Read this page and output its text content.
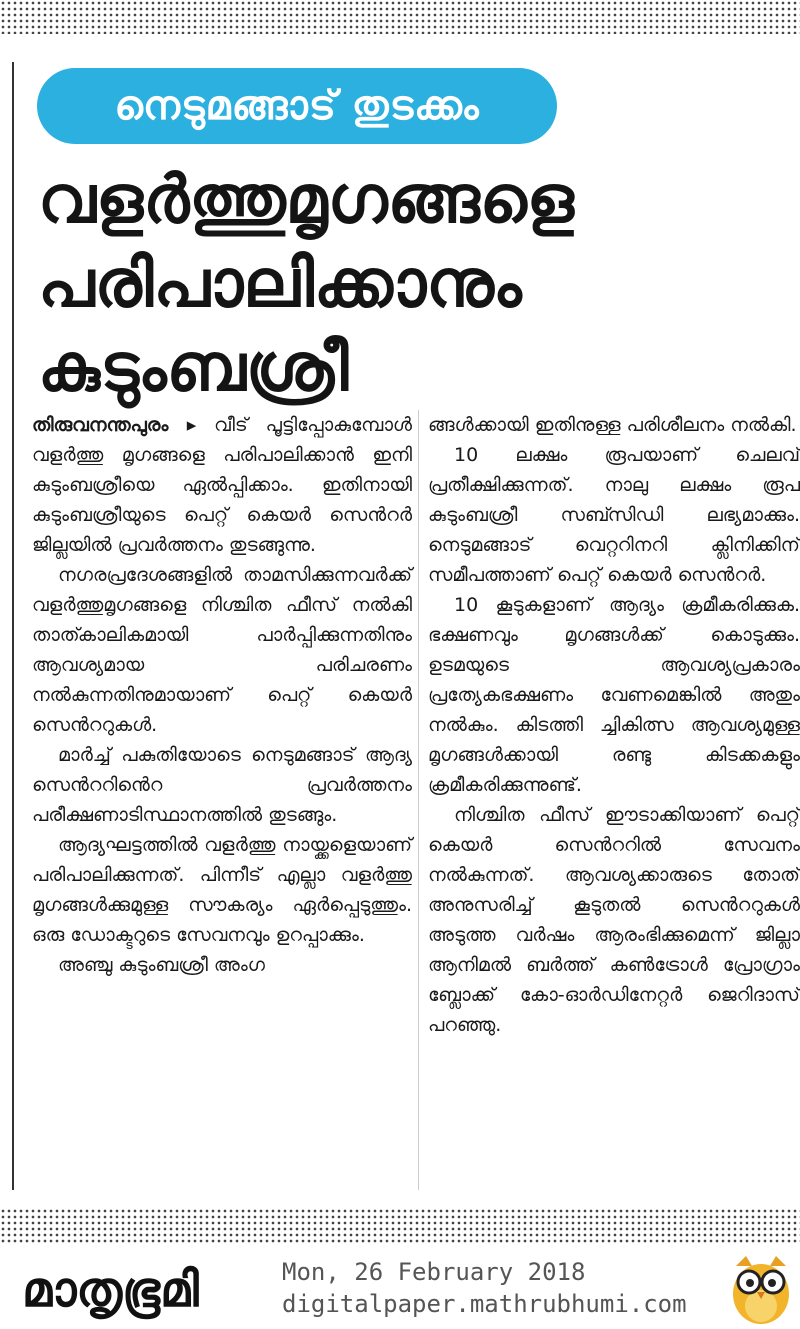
നെടുമങ്ങാട് തുടക്കം
വളർത്തുമൃഗങ്ങളെ
പരിപാലിക്കാനും
കുടുംബശ്രീ

തിരുവനന്തപുരം ▸ വീട് പൂട്ടിപ്പോകുമ്പോൾ വളർത്തു മൃഗങ്ങളെ പരിപാലിക്കാൻ ഇനി കുടുംബശ്രീയെ ഏൽപ്പിക്കാം. ഇതിനായി കുടുംബശ്രീയുടെ പെറ്റ് കെയർ സെൻറർ ജില്ലയിൽ പ്രവർത്തനം തുടങ്ങുന്നു.

നഗരപ്രദേശങ്ങളിൽ താമസിക്കുന്നവർക്ക് വളർത്തുമൃഗങ്ങളെ നിശ്ചിത ഫീസ് നൽകി താത്കാലികമായി പാർപ്പിക്കുന്നതിനും ആവശ്യമായ പരിചരണം നൽകുന്നതിനുമായാണ് പെറ്റ് കെയർ സെൻററുകൾ.

മാർച്ച് പകുതിയോടെ നെടുമങ്ങാട് ആദ്യ സെൻററിൻെറ പ്രവർത്തനം പരീക്ഷണാടിസ്ഥാനത്തിൽ തുടങ്ങും.

ആദ്യഘട്ടത്തിൽ വളർത്തു നായ്ക്കളെയാണ് പരിപാലിക്കുന്നത്. പിന്നീട് എല്ലാ വളർത്തു മൃഗങ്ങൾക്കുമുള്ള സൗകര്യം ഏർപ്പെടുത്തും. ഒരു ഡോക്ടറുടെ സേവനവും ഉറപ്പാക്കും.

അഞ്ചു കുടുംബശ്രീ അംഗ

ങ്ങൾക്കായി ഇതിനുള്ള പരിശീലനം നൽകി.

10 ലക്ഷം രൂപയാണ് ചെലവ് പ്രതീക്ഷിക്കുന്നത്. നാലു ലക്ഷം രൂപ കുടുംബശ്രീ സബ്സിഡി ലഭ്യമാക്കും. നെടുമങ്ങാട് വെറ്ററിനറി ക്ലിനിക്കിന് സമീപത്താണ് പെറ്റ് കെയർ സെൻറർ.

10 കൂടുകളാണ് ആദ്യം ക്രമീകരിക്കുക. ഭക്ഷണവും മൃഗങ്ങൾക്ക് കൊടുക്കും. ഉടമയുടെ ആവശ്യപ്രകാരം പ്രത്യേകഭക്ഷണം വേണമെങ്കിൽ അതും നൽകും. കിടത്തി ച്ചികിത്സ ആവശ്യമുള്ള മൃഗങ്ങൾക്കായി രണ്ടു കിടക്കകളും ക്രമീകരിക്കുന്നുണ്ട്.

നിശ്ചിത ഫീസ് ഈടാക്കിയാണ് പെറ്റ് കെയർ സെൻററിൽ സേവനം നൽകുന്നത്. ആവശ്യക്കാരുടെ തോത് അനുസരിച്ച് കൂടുതൽ സെൻററുകൾ അടുത്ത വർഷം ആരംഭിക്കുമെന്ന് ജില്ലാ ആനിമൽ ബർത്ത് കൺട്രോൾ പ്രോഗ്രാം ബ്ലോക്ക് കോ-ഓർഡിനേറ്റർ ജെറിദാസ് പറഞ്ഞു.

മാതൃഭൂമി	Mon, 26 February 2018
digitalpaper.mathrubhumi.com
